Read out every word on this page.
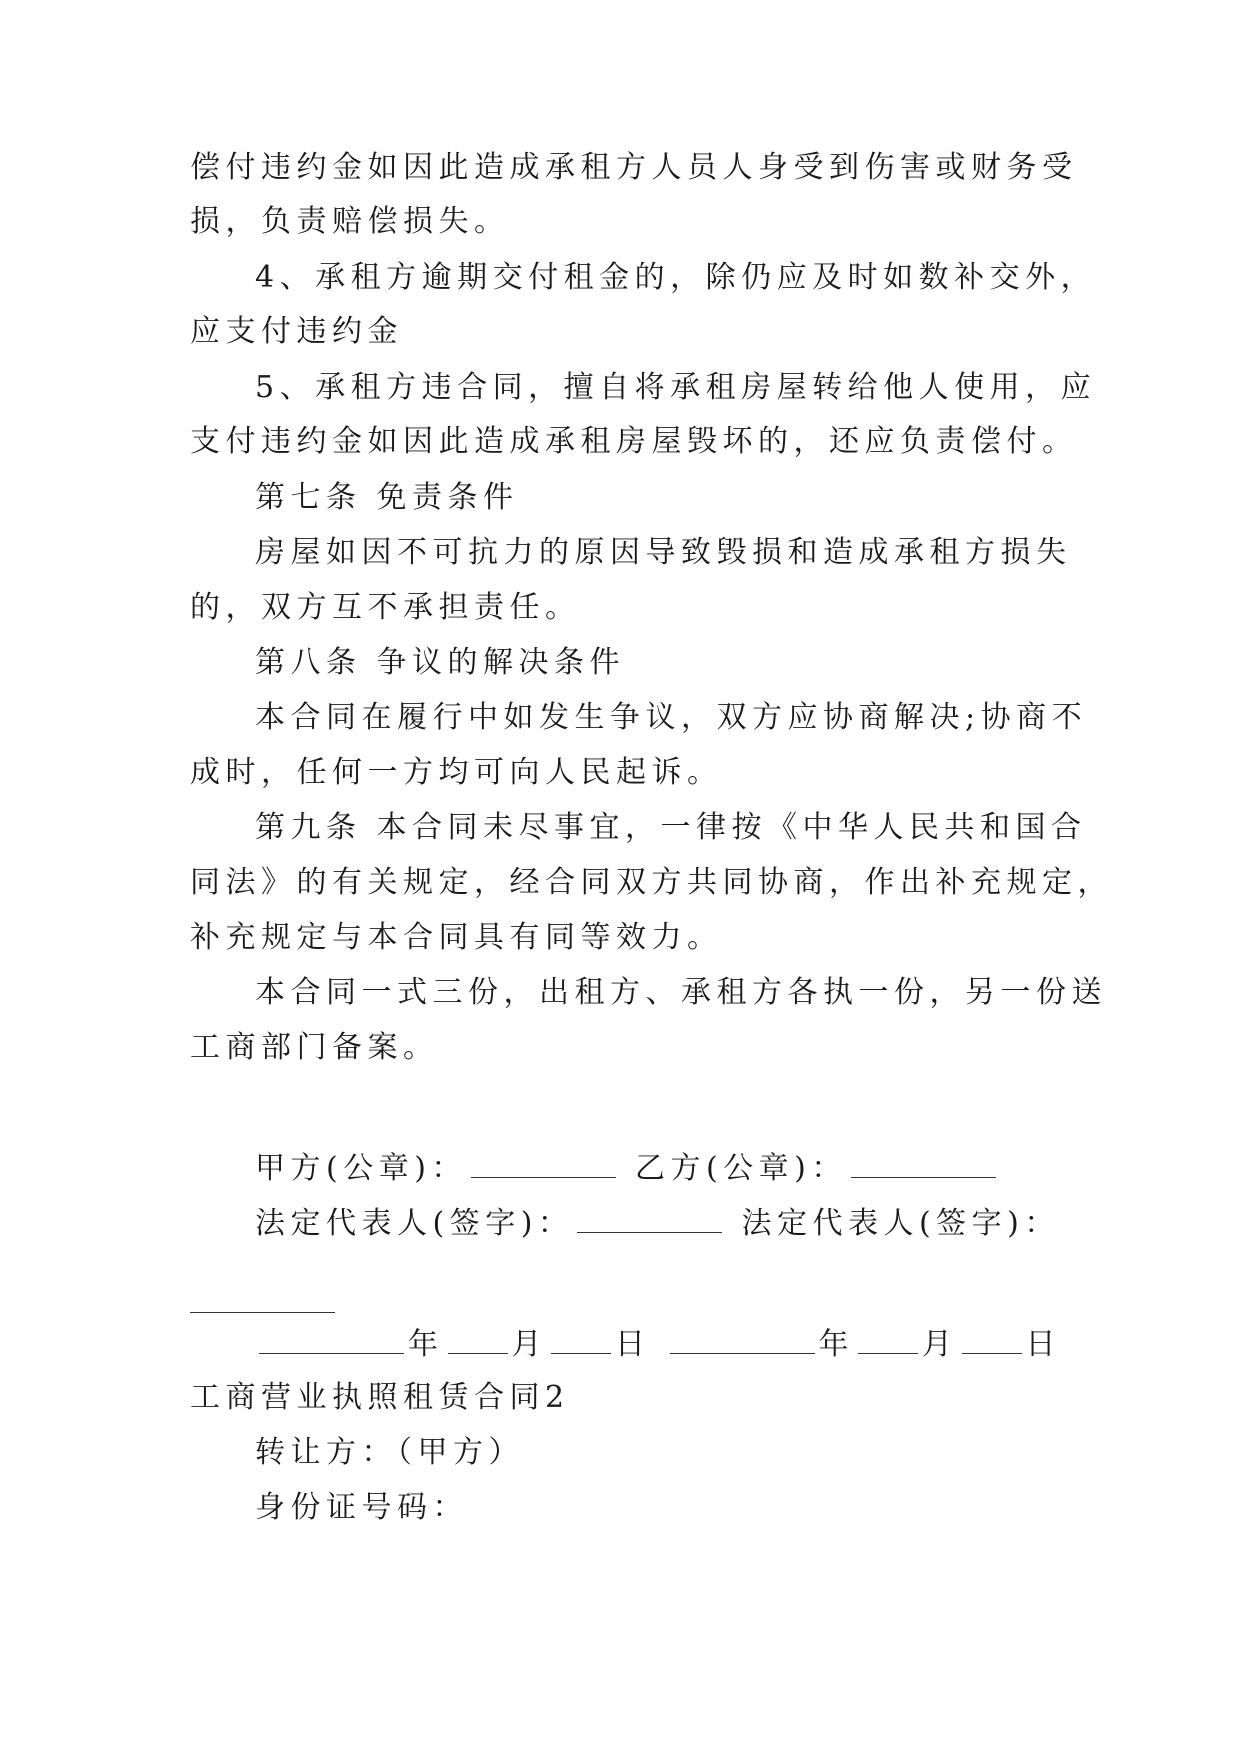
偿付违约金如因此造成承租方人员人身受到伤害或财务受
损，负责赔偿损失。
4、承租方逾期交付租金的，除仍应及时如数补交外，
应支付违约金
5、承租方违合同，擅自将承租房屋转给他人使用，应
支付违约金如因此造成承租房屋毁坏的，还应负责偿付。
第七条 免责条件
房屋如因不可抗力的原因导致毁损和造成承租方损失
的，双方互不承担责任。
第八条 争议的解决条件
本合同在履行中如发生争议，双方应协商解决;协商不
成时，任何一方均可向人民起诉。
第九条 本合同未尽事宜，一律按《中华人民共和国合
同法》的有关规定，经合同双方共同协商，作出补充规定，
补充规定与本合同具有同等效力。
本合同一式三份，出租方、承租方各执一份，另一份送
工商部门备案。
甲方(公章)：	乙方(公章)：
法定代表人(签字)：	法定代表人(签字)：
年 月 日	年 月 日
工商营业执照租赁合同2
转让方：（甲方）
身份证号码：
